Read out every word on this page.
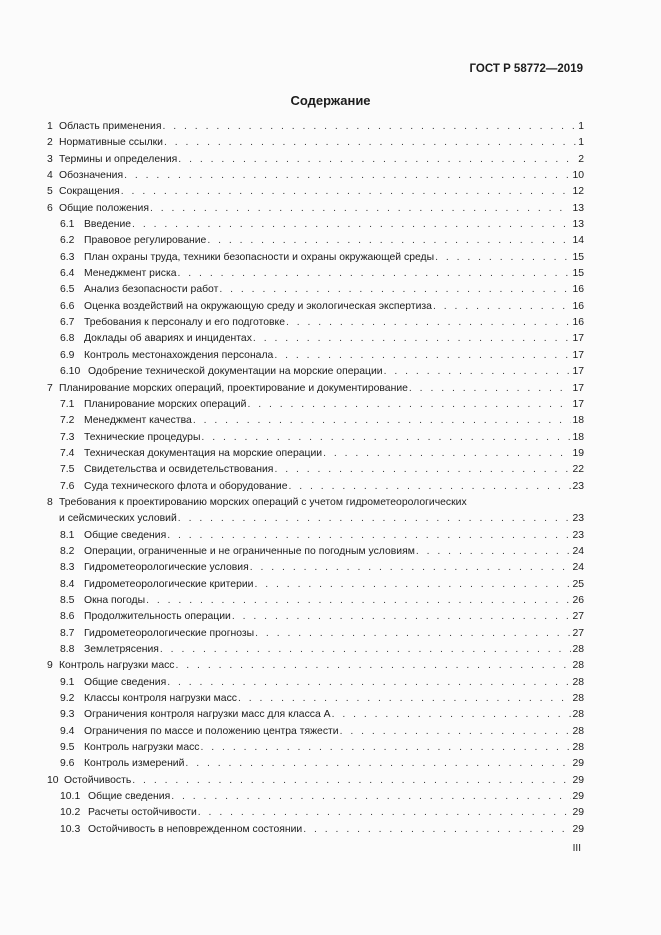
ГОСТ Р 58772—2019
Содержание
1 Область применения . . .	1
2 Нормативные ссылки . . .	1
3 Термины и определения . . .	2
4 Обозначения . . .	10
5 Сокращения . . .	12
6 Общие положения . . .	13
6.1 Введение . . .	13
6.2 Правовое регулирование . . .	14
6.3 План охраны труда, техники безопасности и охраны окружающей среды . . .	15
6.4 Менеджмент риска . . .	15
6.5 Анализ безопасности работ . . .	16
6.6 Оценка воздействий на окружающую среду и экологическая экспертиза . . .	16
6.7 Требования к персоналу и его подготовке . . .	16
6.8 Доклады об авариях и инцидентах . . .	17
6.9 Контроль местонахождения персонала . . .	17
6.10 Одобрение технической документации на морские операции . . .	17
7 Планирование морских операций, проектирование и документирование . . .	17
7.1 Планирование морских операций . . .	17
7.2 Менеджмент качества . . .	18
7.3 Технические процедуры . . .	18
7.4 Техническая документация на морские операции . . .	19
7.5 Свидетельства и освидетельствования . . .	22
7.6 Суда технического флота и оборудование . . .	23
8 Требования к проектированию морских операций с учетом гидрометеорологических
и сейсмических условий . . .	23
8.1 Общие сведения . . .	23
8.2 Операции, ограниченные и не ограниченные по погодным условиям . . .	24
8.3 Гидрометеорологические условия . . .	24
8.4 Гидрометеорологические критерии . . .	25
8.5 Окна погоды . . .	26
8.6 Продолжительность операции . . .	27
8.7 Гидрометеорологические прогнозы . . .	27
8.8 Землетрясения . . .	28
9 Контроль нагрузки масс . . .	28
9.1 Общие сведения . . .	28
9.2 Классы контроля нагрузки масс . . .	28
9.3 Ограничения контроля нагрузки масс для класса А . . .	28
9.4 Ограничения по массе и положению центра тяжести . . .	28
9.5 Контроль нагрузки масс . . .	28
9.6 Контроль измерений . . .	29
10 Остойчивость . . .	29
10.1 Общие сведения . . .	29
10.2 Расчеты остойчивости . . .	29
10.3 Остойчивость в неповрежденном состоянии . . .	29
III
